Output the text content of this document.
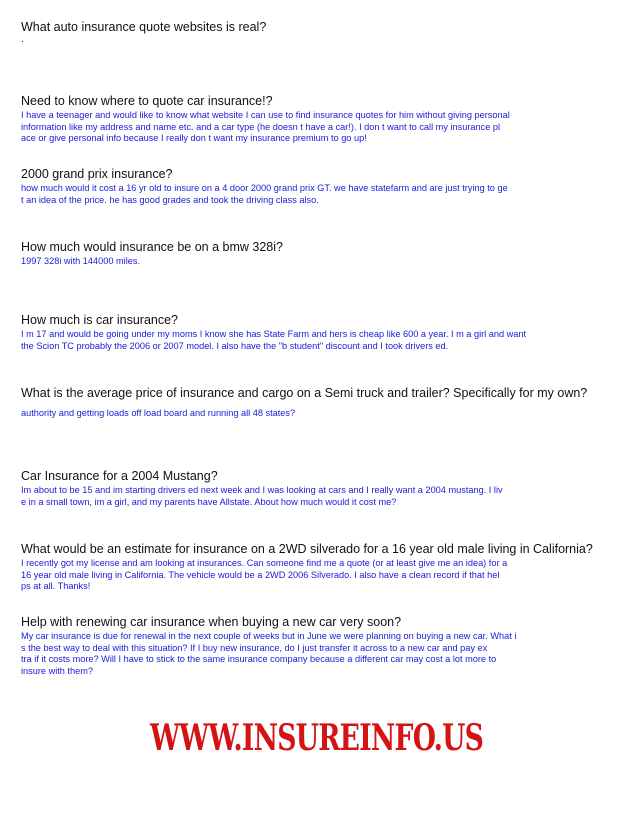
What auto insurance quote websites is real?
.
Need to know where to quote car insurance!?
I have a teenager and would like to know what website I can use to find insurance quotes for him without giving personal
information like my address and name etc. and a car type (he doesn t have a car!). I don t want to call my insurance pl
ace or give personal info because I really don t want my insurance premium to go up!
2000 grand prix insurance?
how much would it cost a 16 yr old to insure on a 4 door 2000 grand prix GT. we have statefarm and are just trying to ge
t an idea of the price. he has good grades and took the driving class also.
How much would insurance be on a bmw 328i?
1997 328i with 144000 miles.
How much is car insurance?
I m 17 and would be going under my moms I know she has State Farm and hers is cheap like 600 a year. I m a girl and want
the Scion TC probably the 2006 or 2007 model. I also have the "b student" discount and I took drivers ed.
What is the average price of insurance and cargo on a Semi truck and trailer? Specifically for my own?
authority and getting loads off load board and running all 48 states?
Car Insurance for a 2004 Mustang?
Im about to be 15 and im starting drivers ed next week and I was looking at cars and I really want a 2004 mustang. I liv
e in a small town, im a girl, and my parents have Allstate. About how much would it cost me?
What would be an estimate for insurance on a 2WD silverado for a 16 year old male living in California?
I recently got my license and am looking at insurances. Can someone find me a quote (or at least give me an idea) for a
16 year old male living in California. The vehicle would be a 2WD 2006 Silverado. I also have a clean record if that hel
ps at all. Thanks!
Help with renewing car insurance when buying a new car very soon?
My car insurance is due for renewal in the next couple of weeks but in June we were planning on buying a new car. What i
s the best way to deal with this situation? If I buy new insurance, do I just transfer it across to a new car and pay ex
tra if it costs more? Will I have to stick to the same insurance company because a different car may cost a lot more to
insure with them?
WWW.INSUREINFO.US
